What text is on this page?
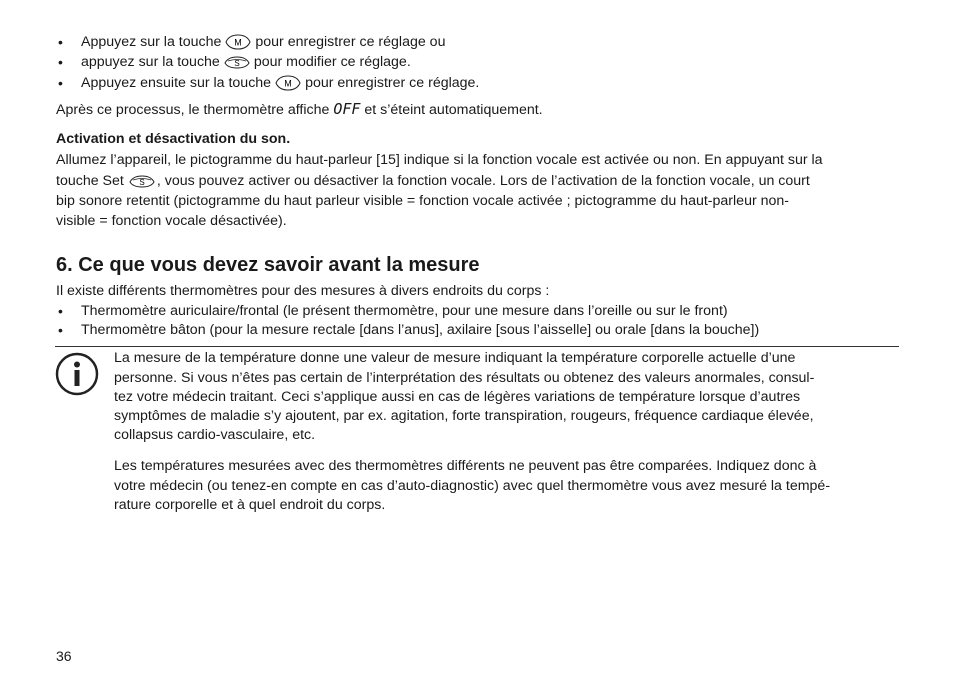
• Appuyez sur la touche M pour enregistrer ce réglage ou
• appuyez sur la touche S pour modifier ce réglage.
• Appuyez ensuite sur la touche M pour enregistrer ce réglage.
Après ce processus, le thermomètre affiche OFF et s’éteint automatiquement.
Activation et désactivation du son.
Allumez l’appareil, le pictogramme du haut-parleur [15] indique si la fonction vocale est activée ou non. En appuyant sur la
touche Set S , vous pouvez activer ou désactiver la fonction vocale. Lors de l’activation de la fonction vocale, un court
bip sonore retentit (pictogramme du haut parleur visible = fonction vocale activée ; pictogramme du haut-parleur non-
visible = fonction vocale désactivée).
6. Ce que vous devez savoir avant la mesure
Il existe différents thermomètres pour des mesures à divers endroits du corps :
• Thermomètre auriculaire/frontal (le présent thermomètre, pour une mesure dans l’oreille ou sur le front)
• Thermomètre bâton (pour la mesure rectale [dans l’anus], axilaire [sous l’aisselle] ou orale [dans la bouche])
La mesure de la température donne une valeur de mesure indiquant la température corporelle actuelle d’une
personne. Si vous n’êtes pas certain de l’interprétation des résultats ou obtenez des valeurs anormales, consul-
tez votre médecin traitant. Ceci s’applique aussi en cas de légères variations de température lorsque d’autres
symptômes de maladie s’y ajoutent, par ex. agitation, forte transpiration, rougeurs, fréquence cardiaque élevée,
collapsus cardio-vasculaire, etc.
Les températures mesurées avec des thermomètres différents ne peuvent pas être comparées. Indiquez donc à
votre médecin (ou tenez-en compte en cas d’auto-diagnostic) avec quel thermomètre vous avez mesuré la tempé-
rature corporelle et à quel endroit du corps.
36
